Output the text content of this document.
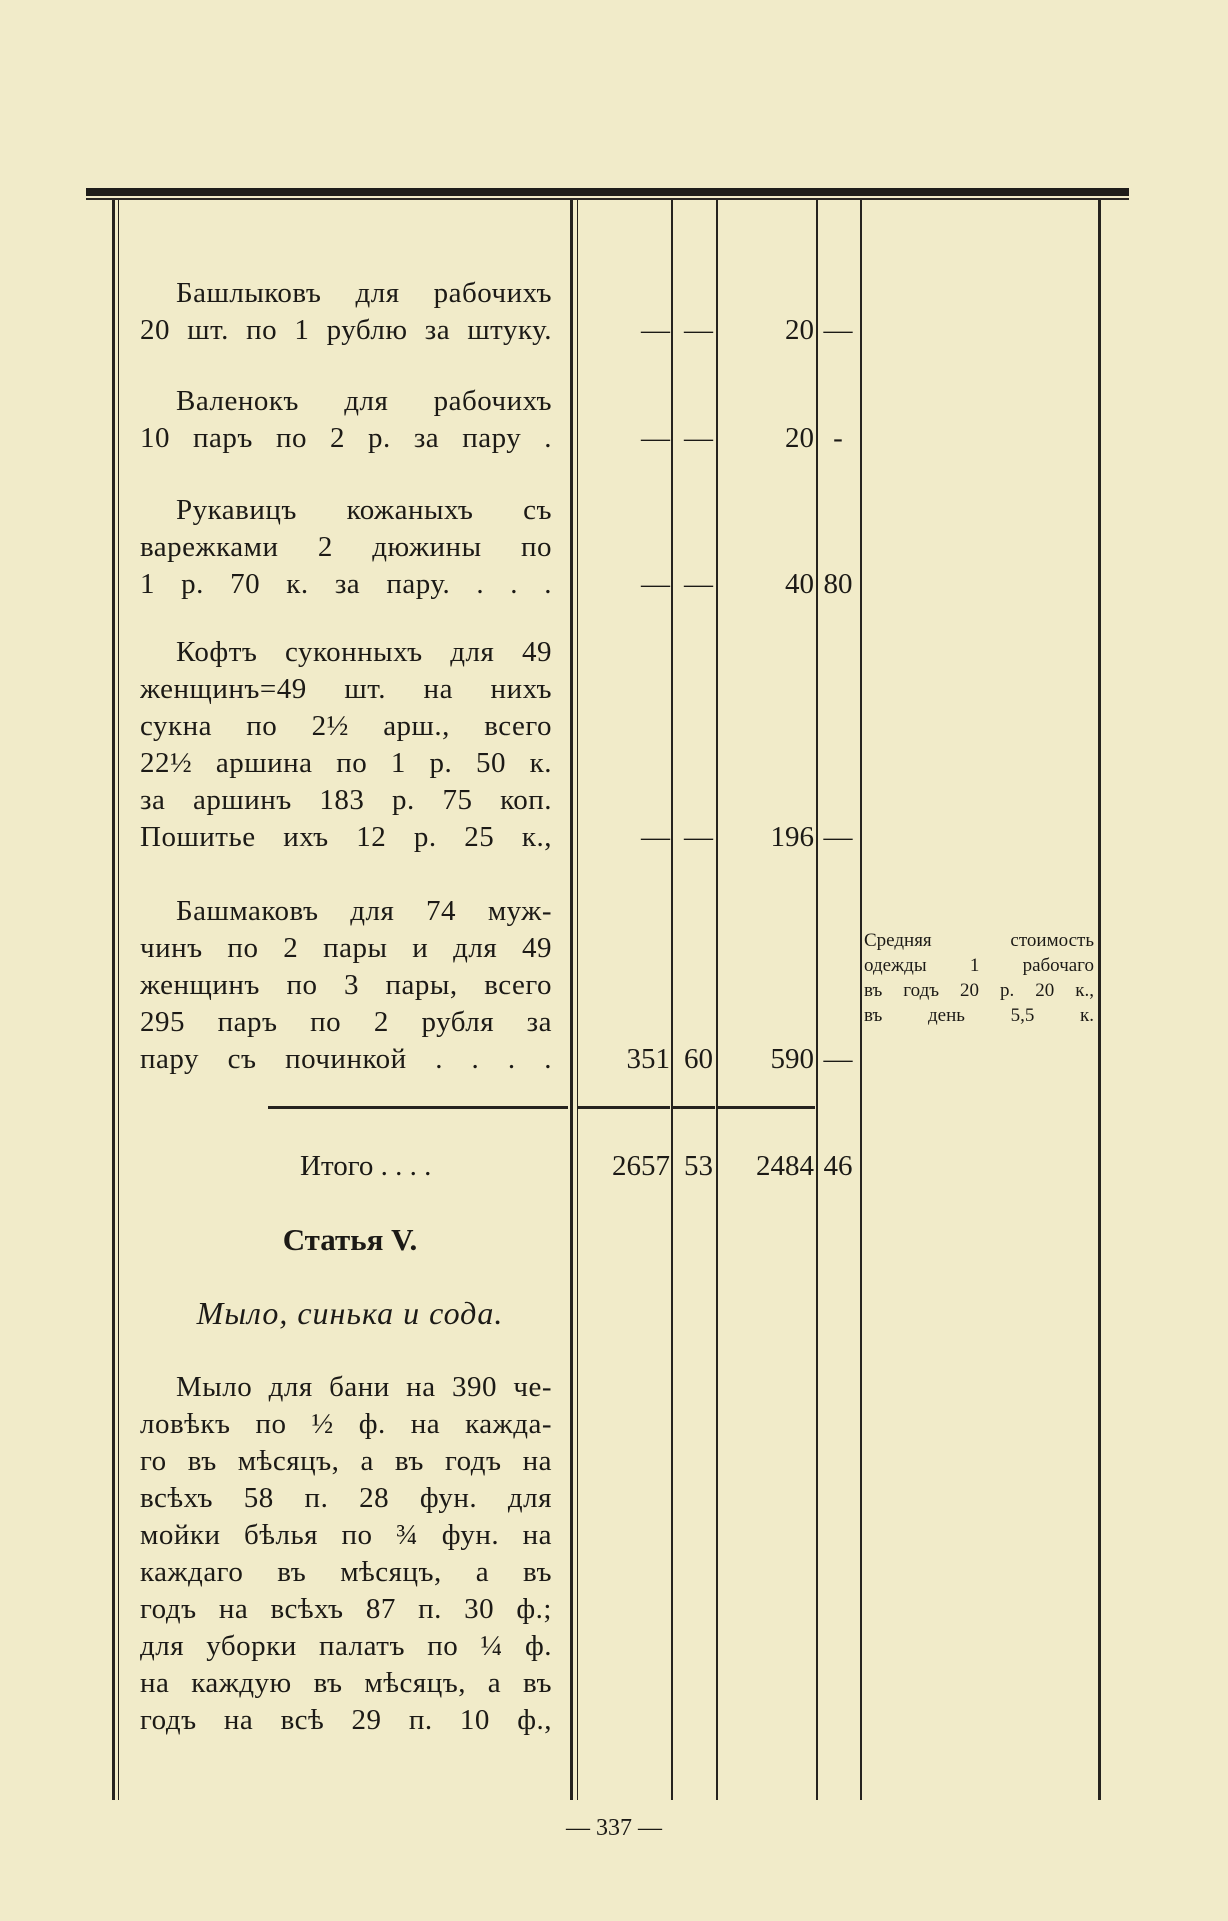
Башлыковъ для рабочихъ
20 шт. по 1 рублю за штуку.	— —	20 —
Валенокъ для рабочихъ
10 паръ по 2 р. за пару .	— —	20 -
Рукавицъ кожаныхъ съ
варежками 2 дюжины по
1 р. 70 к. за пару. . . .	— —	40 80
Кофтъ суконныхъ для 49
женщинъ=49 шт. на нихъ
сукна по 2½ арш., всего
22½ аршина по 1 р. 50 к.
за аршинъ 183 р. 75 коп.
Пошитье ихъ 12 р. 25 к.,	— —	196 —
Башмаковъ для 74 муж-
чинъ по 2 пары и для 49
женщинъ по 3 пары, всего
295 паръ по 2 рубля за
пару съ починкой . . . .	351 60	590 —
Средняя стоимость
одежды 1 рабочаго
въ годъ 20 р. 20 к.,
въ день 5,5 к.
Итого . . . .	2657 53	2484 46
Статья V.
Мыло, синька и сода.
Мыло для бани на 390 че-
ловѣкъ по ½ ф. на кажда-
го въ мѣсяцъ, а въ годъ на
всѣхъ 58 п. 28 фун. для
мойки бѣлья по ¾ фун. на
каждаго въ мѣсяцъ, а въ
годъ на всѣхъ 87 п. 30 ф.;
для уборки палатъ по ¼ ф.
на каждую въ мѣсяцъ, а въ
годъ на всѣ 29 п. 10 ф.,
— 337 —
